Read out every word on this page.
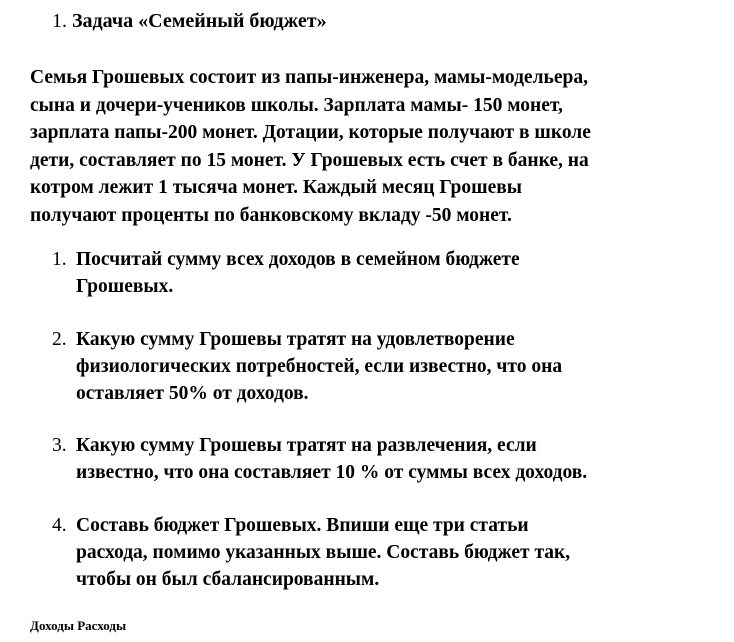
1. Задача «Семейный бюджет»

Семья Грошевых состоит из папы-инженера, мамы-модельера,
сына и дочери-учеников школы. Зарплата мамы- 150 монет,
зарплата папы-200 монет. Дотации, которые получают в школе
дети, составляет по 15 монет. У Грошевых есть счет в банке, на
котром лежит 1 тысяча монет. Каждый месяц Грошевы
получают проценты по банковскому вкладу -50 монет.

1. Посчитай сумму всех доходов в семейном бюджете
Грошевых.
2. Какую сумму Грошевы тратят на удовлетворение
физиологических потребностей, если известно, что она
оставляет 50% от доходов.
3. Какую сумму Грошевы тратят на развлечения, если
известно, что она составляет 10 % от суммы всех доходов.
4. Составь бюджет Грошевых. Впиши еще три статьи
расхода, помимо указанных выше. Составь бюджет так,
чтобы он был сбалансированным.
Доходы Расходы
